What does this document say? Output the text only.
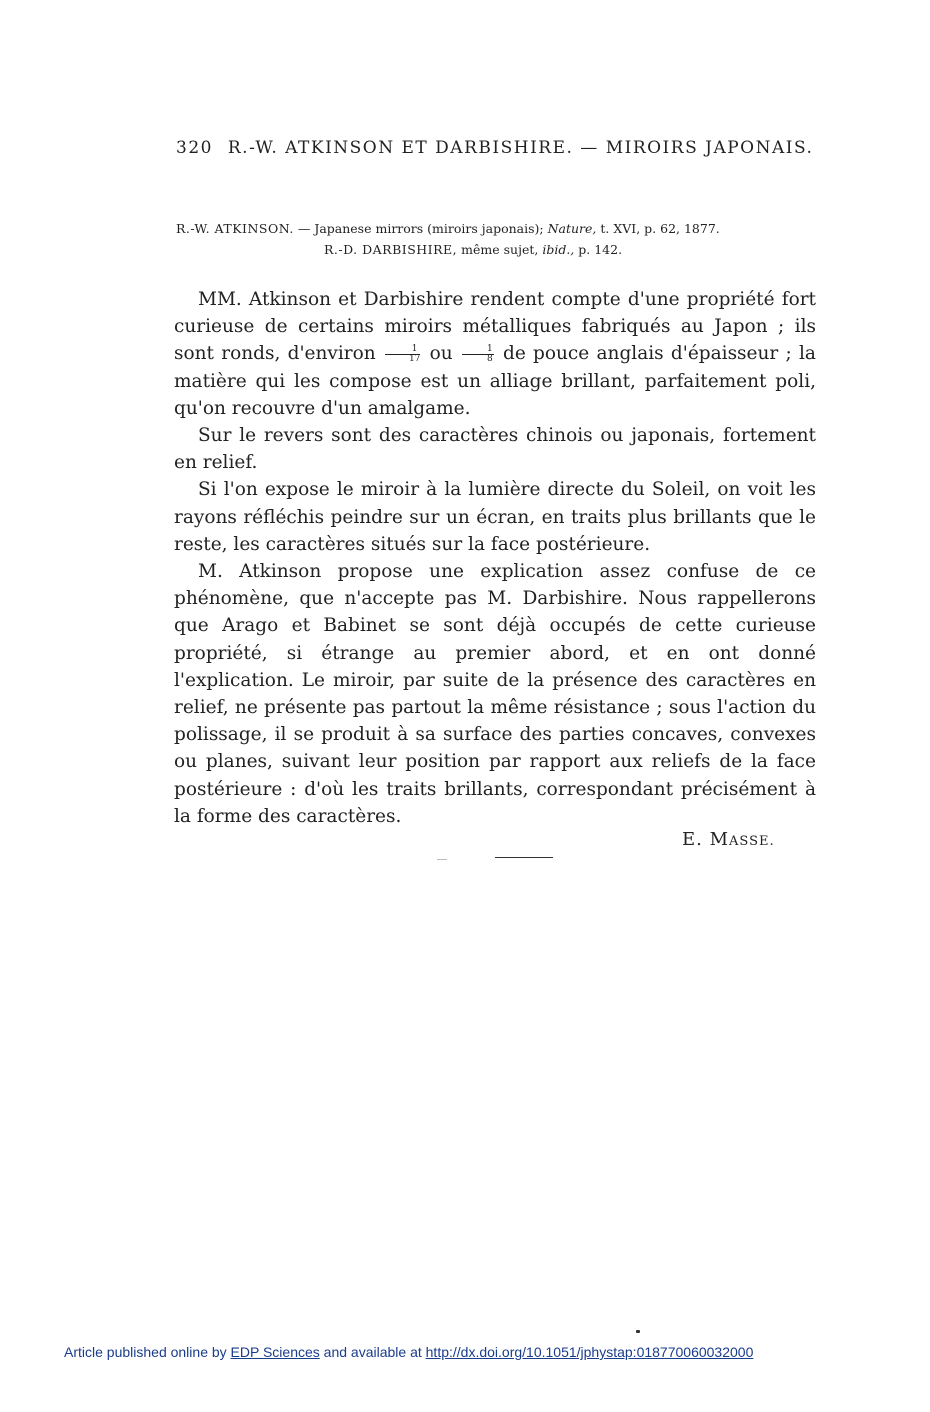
320 R.-W. ATKINSON ET DARBISHIRE. — MIROIRS JAPONAIS.
R.-W. ATKINSON. — Japanese mirrors (miroirs japonais); Nature, t. XVI, p. 62, 1877.
R.-D. DARBISHIRE, même sujet, ibid., p. 142.

MM. Atkinson et Darbishire rendent compte d'une propriété fort curieuse de certains miroirs métalliques fabriqués au Japon ; ils sont ronds, d'environ $\frac{1}{17}$ ou $\frac{1}{8}$ de pouce anglais d'épaisseur ; la matière qui les compose est un alliage brillant, parfaitement poli, qu'on recouvre d'un amalgame.

Sur le revers sont des caractères chinois ou japonais, fortement en relief.

Si l'on expose le miroir à la lumière directe du Soleil, on voit les rayons réfléchis peindre sur un écran, en traits plus brillants que le reste, les caractères situés sur la face postérieure.

M. Atkinson propose une explication assez confuse de ce phénomène, que n'accepte pas M. Darbishire. Nous rappellerons que Arago et Babinet se sont déjà occupés de cette curieuse propriété, si étrange au premier abord, et en ont donné l'explication. Le miroir, par suite de la présence des caractères en relief, ne présente pas partout la même résistance ; sous l'action du polissage, il se produit à sa surface des parties concaves, convexes ou planes, suivant leur position par rapport aux reliefs de la face postérieure : d'où les traits brillants, correspondant précisément à la forme des caractères.

E. MASSE.
Article published online by EDP Sciences and available at http://dx.doi.org/10.1051/jphystap:018770060032000
